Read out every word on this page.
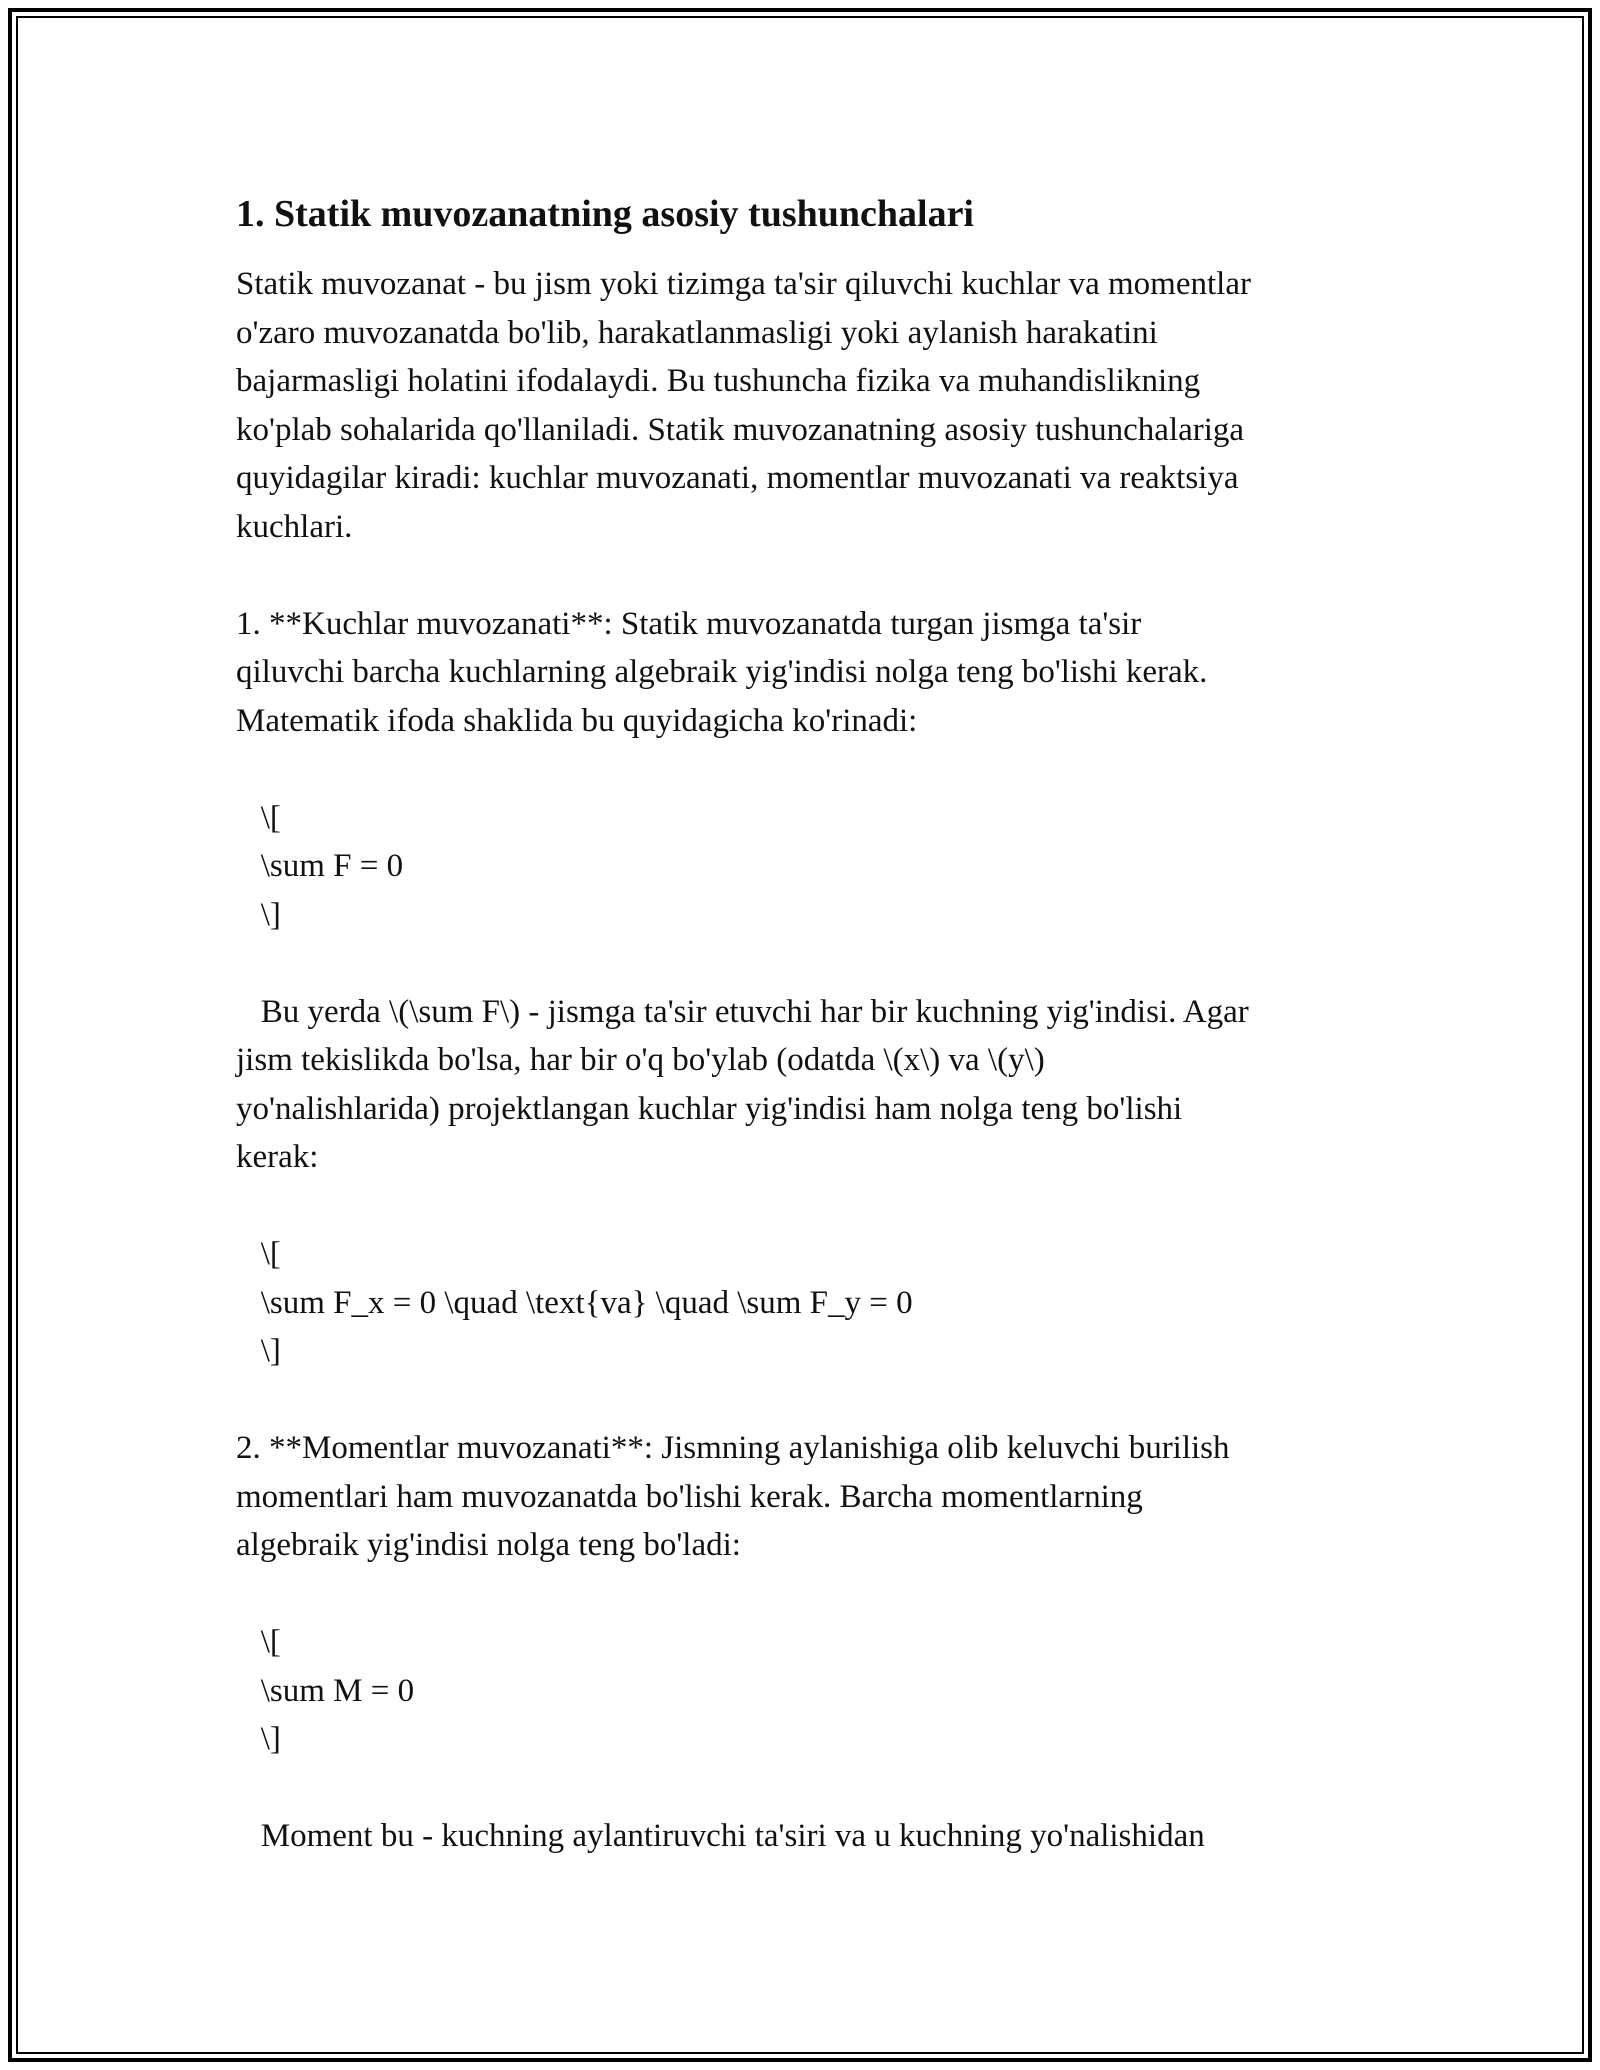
1. Statik muvozanatning asosiy tushunchalari
Statik muvozanat - bu jism yoki tizimga ta'sir qiluvchi kuchlar va momentlar
o'zaro muvozanatda bo'lib, harakatlanmasligi yoki aylanish harakatini
bajarmasligi holatini ifodalaydi. Bu tushuncha fizika va muhandislikning
ko'plab sohalarida qo'llaniladi. Statik muvozanatning asosiy tushunchalariga
quyidagilar kiradi: kuchlar muvozanati, momentlar muvozanati va reaktsiya
kuchlari.
1. **Kuchlar muvozanati**: Statik muvozanatda turgan jismga ta'sir
qiluvchi barcha kuchlarning algebraik yig'indisi nolga teng bo'lishi kerak.
Matematik ifoda shaklida bu quyidagicha ko'rinadi:
\[
\sum F = 0
\]
Bu yerda \(\sum F\) - jismga ta'sir etuvchi har bir kuchning yig'indisi. Agar
jism tekislikda bo'lsa, har bir o'q bo'ylab (odatda \(x\) va \(y\)
yo'nalishlarida) projektlangan kuchlar yig'indisi ham nolga teng bo'lishi
kerak:
\[
\sum F_x = 0 \quad \text{va} \quad \sum F_y = 0
\]
2. **Momentlar muvozanati**: Jismning aylanishiga olib keluvchi burilish
momentlari ham muvozanatda bo'lishi kerak. Barcha momentlarning
algebraik yig'indisi nolga teng bo'ladi:
\[
\sum M = 0
\]
Moment bu - kuchning aylantiruvchi ta'siri va u kuchning yo'nalishidan
